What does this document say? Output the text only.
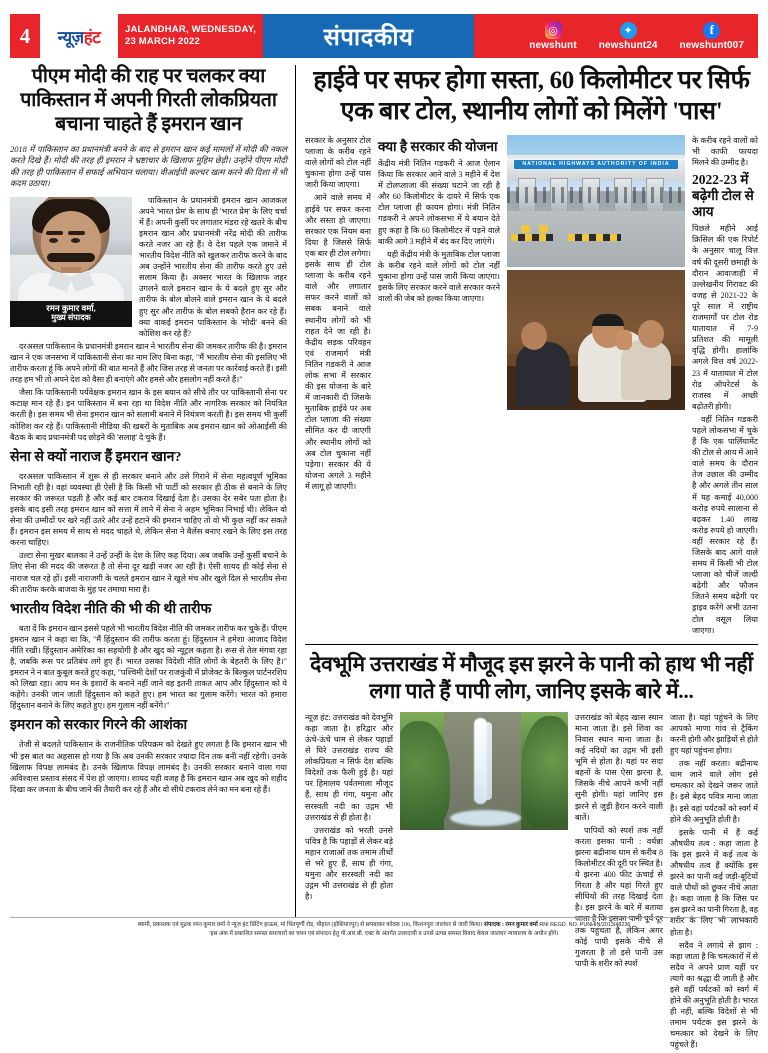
4	न्यूज़हंट	JALANDHAR, WEDNESDAY,
23 MARCH 2022	संपादकीय	◎
newshunt
✦
newshunt24
f
newshunt007
पीएम मोदी की राह पर चलकर क्या पाकिस्तान में अपनी गिरती लोकप्रियता बचाना चाहते हैं इमरान खान

2018 में पाकिस्तान का प्रधानमंत्री बनने के बाद से इमरान खान कई मामलों में मोदी की नकल करते दिखे हैं। मोदी की तरह ही इमरान ने भ्रष्टाचार के खिलाफ मुहिम छेड़ी। उन्होंने पीएम मोदी की तरह ही पाकिस्तान में सफाई अभियान चलाया। वीआईपी कल्चर खत्म करने की दिशा में भी कदम उठाया।

रमन कुमार वर्मा,
मुख्य संपादक

पाकिस्तान के प्रधानमंत्री इमरान खान आजकल अपने 'भारत प्रेम' के साथ ही 'भारत प्रेम' के लिए चर्चा में हैं। अपनी कुर्सी पर लगातार मंडरा रहे खतरे के बीच इमरान खान और प्रधानमंत्री नरेंद्र मोदी की तारीफ करते नजर आ रहे हैं। वे देश पहले एक जमाने में भारतीय विदेश नीति को खुलकर तारीफ करने के बाद अब उन्होंने भारतीय सेना की तारीफ करते हुए उसे सलाम किया है। अक्सर भारत के खिलाफ जहर उगलने वाले इमरान खान के ये बदले हुए सुर और तारीफ के बोल बोलने वाले इमरान खान के ये बदले हुए सुर और तारीफ के बोल सबको हैरान कर रहे हैं। क्या वाकई इमरान पाकिस्तान के 'मोदी' बनने की कोशिश कर रहे हैं?

दरअसल पाकिस्तान के प्रधानमंत्री इमरान खान ने भारतीय सेना की जमकर तारीफ की है। इमरान खान ने एक जनसभा में पाकिस्तानी सेना का नाम लिए बिना कहा, "मैं भारतीय सेना की इसलिए भी तारीफ करता हूं कि अपने लोगों की बात मानते हैं और जिस तरह से जनता पर कार्रवाई करते हैं। इसी तरह हम भी तो अपने देश को वैसा ही बनाएंगे और हमसे और हसलोग नहीं करते हैं।"

जैसा कि पाकिस्तानी पर्यवेक्षक इमरान खान के इस बयान को सीधे तौर पर पाकिस्तानी सेना पर कटाक्ष मान रहे हैं। इन पाकिस्तान में बना रहा था विदेश नीति और नागरिक सरकार को नियंत्रित करती है। इस समय भी सेना इमरान खान को सलामी बनाने में नियंत्रण करती है। इस समय भी कुर्सी कोशिश कर रहे हैं। पाकिस्तानी मीडिया की खबरों के मुताबिक अब इमरान खान को ओआईसी की बैठक के बाद प्रधानमंत्री पद छोड़ने की 'सलाह' दे चुके हैं।

सेना से क्यों नाराज हैं इमरान खान?

दरअसल पाकिस्तान में शुरू से ही सरकार बनाने और उसे गिराने में सेना महत्वपूर्ण भूमिका निभाती रही है। वहां व्यवस्था ही ऐसी है कि किसी भी पार्टी को सरकार ही ठीक से बनाने के लिए सरकार की जरूरत पड़ती है और कई बार टकराव दिखाई देता है। उसका देर सबेर पता होता है। इसके बाद इसी तरह इमरान खान को सत्ता में लाने में सेना ने अहम भूमिका निभाई थी। लेकिन वो सेना की उम्मीदों पर खरे नहीं उतरे और उन्हें हटाने की इमरान चाहिए तो वो भी कुछ नहीं कर सकते हैं। इमरान इस समय में साथ से मदद चाहते थे, लेकिन सेना ने बैलेंस बनाए रखने के लिए इस तरह करना चाहिए।

उल्टा सेना मुखर बालका ने उन्हें उन्हीं के देश के लिए कह दिया। अब जबकि उन्हें कुर्सी बचाने के लिए सेना की मदद की जरूरत है तो सेना दूर खड़ी नजर आ रही है। ऐसी शायद ही कोई सेना से नाराज चल रहे हों। इसी नाराजगी के चलते इमरान खान ने खुले मंच और खुले दिल से भारतीय सेना की तारीफ करके बाजवा के मुंह पर तमाचा मारा है।

भारतीय विदेश नीति की भी की थी तारीफ

बता दें कि इमरान खान इससे पहले भी भारतीय विदेश नीति की जमकर तारीफ कर चुके हैं। पीएम इमरान खान ने कहा था कि, "मैं हिंदुस्तान की तारीफ करता हूं। हिंदुस्तान ने हमेशा आजाद विदेश नीति रखी। हिंदुस्तान अमेरिका का सहयोगी है और खुद को न्यूट्रल कहता है। रूस से तेल मंगवा रहा है, जबकि रूस पर प्रतिबंध लगे हुए हैं। भारत उसका विदेशी नीति लोगों के बेहतरी के लिए है।" इमरान ने न बात कुबूल करते हुए कहा, "पश्चिमी देशों पर राजकुंवी में प्रोजेक्ट के बिल्कुल पार्टनरशिप को लिखा रहा। आप मन के इशारों के बनाने नहीं जाने वह इतनी ताकत आप और हिंदुस्तान को ये कहेंगे। उनकी जान जाती हिंदुस्तान को कहते हुए। हम भारत का गुलाम करेंगे। भारत को हमारा हिंदुस्तान बनाने के लिए कहते हुए। हम गुलाम नहीं बनेंगे।"

इमरान को सरकार गिरने की आशंका

तेजी से बदलते पाकिस्तान के राजनीतिक परिपक्रम को देखते हुए लगता है कि इमरान खान भी भी इस बात का अहसास हो गया है कि अब उनकी सरकार ज्यादा दिन तक बनी नहीं रहेगी। उनके खिलाफ विपक्ष लामबंद है। उनके खिलाफ विपक्ष लामबंद है। उनकी सरकार बनाने वाला गया अविश्वास प्रस्ताव संसद में पेश हो जाएगा। शायद यही वजह है कि इमरान खान अब खुद को शहीद दिखा कर जनता के बीच जाने की तैयारी कर रहे हैं और वो सीधे टकराव लेने का मन बना रहे हैं।

हाईवे पर सफर होगा सस्ता, 60 किलोमीटर पर सिर्फ एक बार टोल, स्थानीय लोगों को मिलेंगे 'पास'

सरकार के अनुसार टोल प्लाजा के करीब रहने वाले लोगों को टोल नहीं चुकाना होगा उन्हें पास जारी किया जाएगा।

आने वाले समय में हाईवे पर सफर करना और सस्ता हो जाएगा। सरकार एक नियम बना दिया है जिससे सिर्फ एक बार ही टोल लगेगा। इसके साथ ही टोल प्लाजा के करीब रहने वाले और लगातार सफर करने वालों को सबक बनाने वाले स्थानीय लोगों को भी राहत देने जा रही है। केंद्रीय सड़क परिवहन एवं राजमार्ग मंत्री नितिन गडकरी ने आज लोक सभा में सरकार की इस योजना के बारे में जानकारी दी जिसके मुताबिक हाईवे पर अब टोल प्लाजा की संख्या सीमित कर दी जाएगी और स्थानीय लोगों को अब टोल चुकाना नहीं पड़ेगा। सरकार की ये योजना अगले 3 महीने में लागू हो जाएगी।

क्या है सरकार की योजना

केंद्रीय मंत्री नितिन गडकरी ने आज ऐलान किया कि सरकार आने वाले 3 महीने में देश में टोलप्लाजा की संख्या घटाने जा रही है और 60 किलोमीटर के दायरे में सिर्फ एक टोल प्लाजा ही कायम होगा। मंत्री नितिन गडकरी ने अपने लोकसभा में ये बयान देते हुए कहा है कि 60 किलोमीटर में पड़ने वाले बाकी आगे 3 महीने में बंद कर दिए जाएंगे।

यही केंद्रीय मंत्री के मुताबिक टोल प्लाजा के करीब रहने वाले लोगों को टोल नहीं चुकाना होगा उन्हें पास जारी किया जाएगा। इसके लिए सरकार करने वाले सरकार करने वालों की जेब को हल्का किया जाएगा।

NATIONAL HIGHWAYS AUTHORITY OF INDIA
PROVIDING CONNECTIVITY, SAFETY AND SPEED

के करीब रहने वालों को भी काफी फायदा मिलने की उम्मीद है।

2022-23 में बढ़ेगी टोल से आय

पिछले महीने आई क्रिसिल की एक रिपोर्ट के अनुसार चालू वित्त वर्ष की दूसरी छमाही के दौरान आवाजाही में उल्लेखनीय गिरावट की वजह से 2021-22 के पूरे साल में राष्ट्रीय राजमार्गों पर टोल रोड यातायात में 7-9 प्रतिशत की मामूली वृद्धि होगी। हालांकि अगले वित्त वर्ष 2022-23 में यातायात में टोल रोड ऑपरेटर्स के राजस्व में अच्छी बढ़ोतरी होगी।

वहीं नितिन गडकरी पहले लोकसभा में चुके हैं कि एक पार्लियामेंट की टोल से आय में आने वाले समय के दौरान तेज उछाल की उम्मीद है और अगले तीन साल में यह कमाई 40,000 करोड़ रुपये सालाना से बढ़कर 1.40 लाख करोड़ रुपये हो जाएगी। वहीं सरकार रहे हैं। जिसके बाद आगे वाले समय में किसी भी टोल प्लाजा को चीजें जल्दी बढ़ेगी और फौजन जितने समय बढ़ेगी पर ड्राइव करेंगे अभी उतना टोल वसूल लिया जाएगा।

देवभूमि उत्तराखंड में मौजूद इस झरने के पानी को हाथ भी नहीं लगा पाते हैं पापी लोग, जानिए इसके बारे में...

न्यूज़ हंट: उत्तराखंड को देवभूमि कहा जाता है। हरिद्वार और ऊंचे-ऊंचे धाम से लेकर पहाड़ों से घिरे उत्तराखंड राज्य की लोकप्रियता न सिर्फ देश बल्कि विदेशों तक फैली हुई है। यहां पर हिमालय पर्वतमाला मौजूद हैं, साथ ही गंगा, यमुना और सरस्वती नदी का उद्गम भी उत्तराखंड से ही होता है।

उत्तराखंड को भरती उनसे पवित्र है कि पहाड़ों से लेकर बड़े महान राजाओं तक तमाम तीर्थों से भरे हुए हैं, साथ ही गंगा, यमुना और सरस्वती नदी का उद्गम भी उत्तराखंड से ही होता है।

उत्तराखंड को बेहद खास स्थान माना जाता है। इसे शिवा का निवास स्थान माना जाता है। कई नदियों का उद्गम भी इसी भूमि से होता है। यहां पर सदा बहनों के पास ऐसा झरना है, जिसके नीचे आपने कभी नहीं सुनी होगी। यहां जानिए इस झरने से जुड़ी हैरान करने वाली बातें।

पापियों को स्पर्श तक नहीं करता इसका पानी : वर्धन्ना झरना बद्रीनाथ धाम से करीब 8 किलोमीटर की दूरी पर स्थित है। ये झरना 400 फीट ऊंचाई से गिरता है और यहां गिरते हुए सीधियों की तरह दिखाई देता है। इस झरने के बारे में बताया जाता है कि इसका पानी पूर्व दूर तक पहुंचता है, लेकिन अगर कोई पापी इसके नीचे से गुजरता है तो इसे पानी उस पापी के शरीर को स्पर्श

जाता है। यहां पहुंचने के लिए आपको माणा गांव से ट्रैकिंग करनी होगी और झाड़ियों से होते हुए यहां पहुंचना होगा।

तक नहीं करता। बद्रीनाथ धाम जाने वाले लोग इसे चमत्कार को देखने जरूर जाते हैं। इसे बेहद पवित्र माना जाता है। इसे वहां पर्यटकों को स्वर्ग में होने की अनुभूति होती है।

इसके पानी में हैं कई औषधीय तत्व : कहा जाता है कि इस झरने में कई तत्व के औषधीय तत्व हैं क्योंकि इस झरने का पानी कई जड़ी-बूटियों वाले पौधों को छूकर नीचे आता है। कहा जाता है कि जिस पर इस झरने का पानी गिरता है, वह शरीर के लिए भी लाभकारी होता है।

सदैव ने लगाये से झाग : कहा जाता है कि चमत्कारों में से सदैव ने अपने प्राण यहीं पर त्यागे का श्रद्धा दी जाती है और इसे वहीं पर्यटकों को स्वर्ग में होने की अनुभूति होती है। भारत ही नहीं, बल्कि विदेशों से भी तमाम पर्यटक इस झरने के चमत्कार को देखने के लिए पहुंचते हैं।

स्वामी, प्रकाशक एवं मुद्रक रमन कुमार वर्मा ने न्यूज़ हंट प्रिंटिंग हाऊस, मां चिंतपूर्णी रोड, चौहाल (होशियारपुर) से छपवाकर कोठस 106, किशनपुरा जालंधर से जारी किया। संपादक : रमन कुमार वर्मा RNI REGD. NO. PUNHIN/2013/48236
'इस अंक में प्रकाशित समस्त समाचारों का चयन एवं संपादन हेतु पी.आर.बी. एक्ट के अंतर्गत उत्तरदायी व उनसे उत्पन्न समस्त विवाद केवल जालंधर न्यायालय के अधीन होंगे।
